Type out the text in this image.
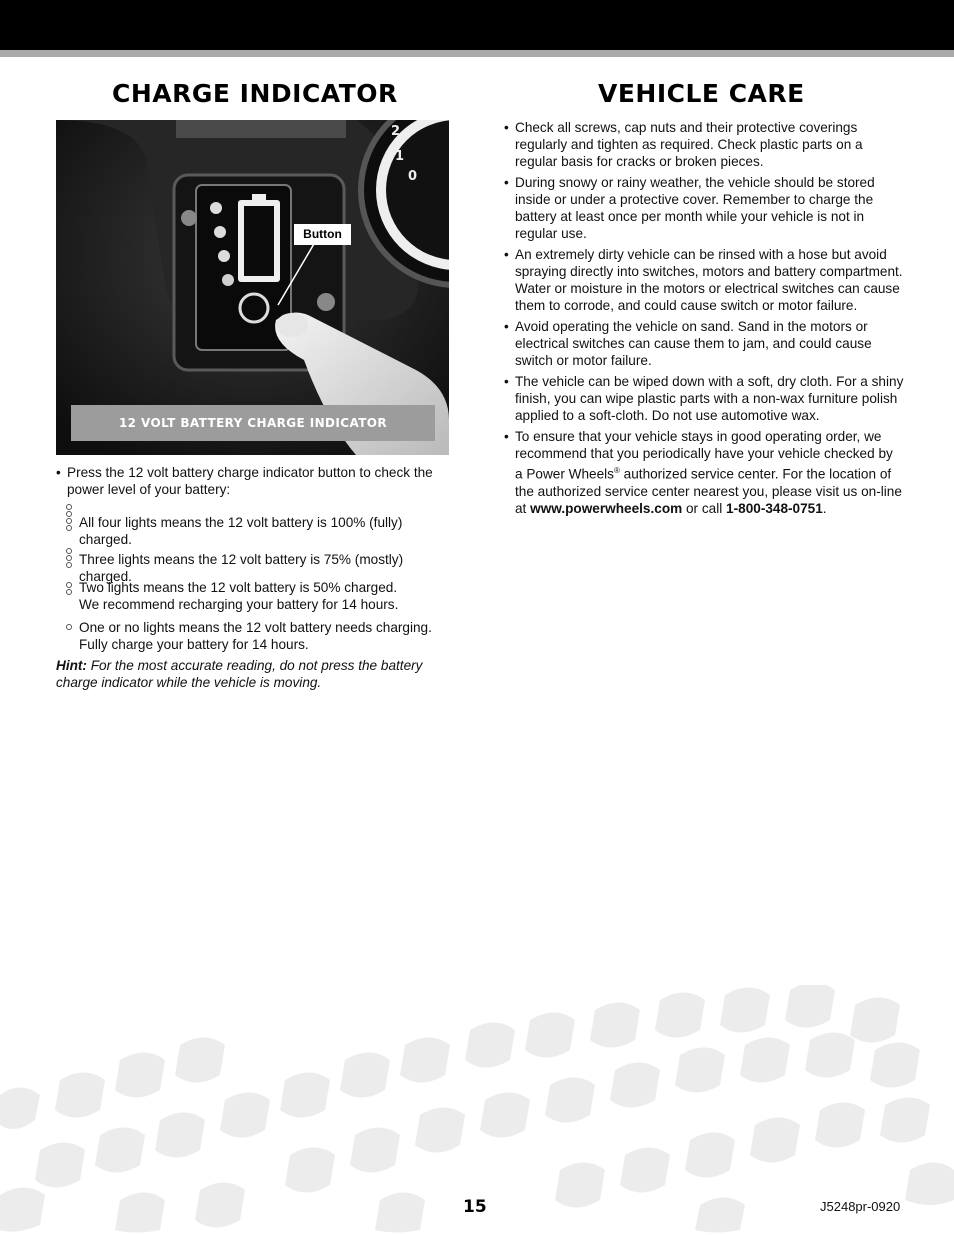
CHARGE INDICATOR	VEHICLE CARE
2
1
0
Button
12 VOLT BATTERY CHARGE INDICATOR
• Press the 12 volt battery charge indicator button to check the power level of your battery:
All four lights means the 12 volt battery is 100% (fully) charged.
Three lights means the 12 volt battery is 75% (mostly) charged.
Two lights means the 12 volt battery is 50% charged.
We recommend recharging your battery for 14 hours.
One or no lights means the 12 volt battery needs charging. Fully charge your battery for 14 hours.
Hint: For the most accurate reading, do not press the battery charge indicator while the vehicle is moving.
• Check all screws, cap nuts and their protective coverings regularly and tighten as required. Check plastic parts on a regular basis for cracks or broken pieces.
• During snowy or rainy weather, the vehicle should be stored inside or under a protective cover. Remember to charge the battery at least once per month while your vehicle is not in regular use.
• An extremely dirty vehicle can be rinsed with a hose but avoid spraying directly into switches, motors and battery compartment. Water or moisture in the motors or electrical switches can cause them to corrode, and could cause switch or motor failure.
• Avoid operating the vehicle on sand. Sand in the motors or electrical switches can cause them to jam, and could cause switch or motor failure.
• The vehicle can be wiped down with a soft, dry cloth. For a shiny finish, you can wipe plastic parts with a non-wax furniture polish applied to a soft-cloth. Do not use automotive wax.
• To ensure that your vehicle stays in good operating order, we recommend that you periodically have your vehicle checked by a Power Wheels® authorized service center. For the location of the authorized service center nearest you, please visit us on-line at www.powerwheels.com or call 1-800-348-0751.
15	J5248pr-0920
